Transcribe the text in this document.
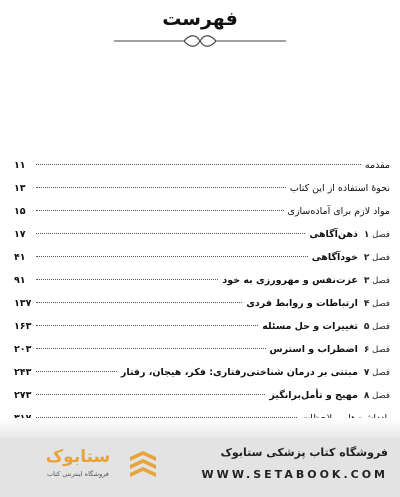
فهرست
مقدمه
۱۱
نحوهٔ استفاده از این کتاب
۱۳
مواد لازم برای آماده‌سازی
۱۵
فصل ۱
ذهن‌آگاهی
۱۷
فصل ۲
خودآگاهی
۴۱
فصل ۳
عزت‌نفس و مهرورزی به خود
۹۱
فصل ۴
ارتباطات و روابط فردی
۱۳۷
فصل ۵
تغییرات و حل مسئله
۱۶۳
فصل ۶
اضطراب و استرس
۲۰۳
فصل ۷
مبتنی بر درمان شناختی‌رفتاری: فکر، هیجان، رفتار
۲۴۳
فصل ۸
مهیج و تأمل‌برانگیز
۲۷۳
فروشگاه کتاب پزشکی ستابوک
WWW.SETABOOK.COM
ستابوک
فروشگاه اینترنتی کتاب
